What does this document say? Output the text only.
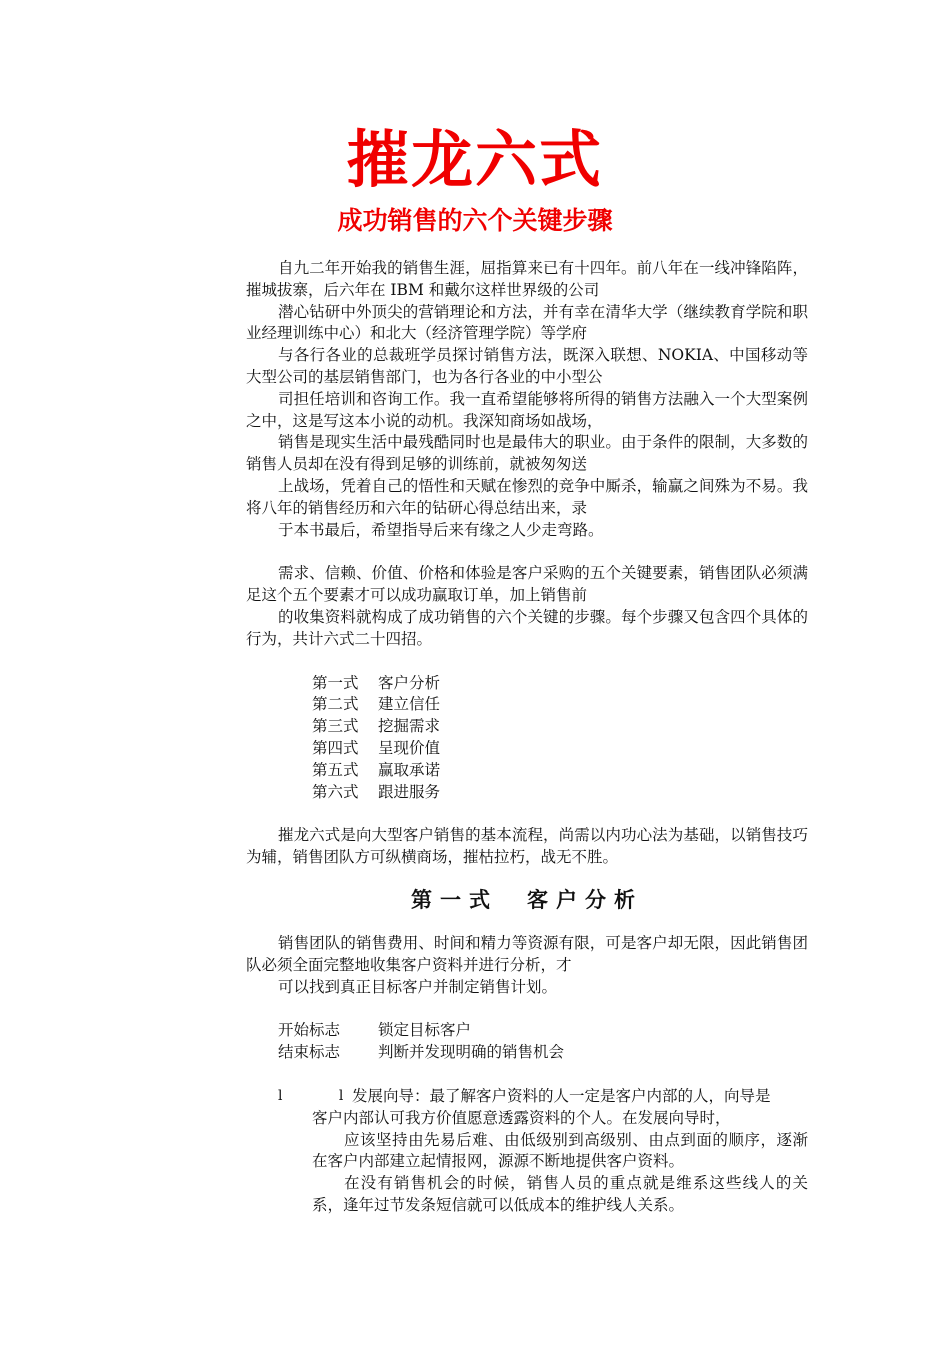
摧龙六式
成功销售的六个关键步骤

自九二年开始我的销售生涯，屈指算来已有十四年。前八年在一线冲锋陷阵，摧城拔寨，后六年在 IBM 和戴尔这样世界级的公司

潜心钻研中外顶尖的营销理论和方法，并有幸在清华大学（继续教育学院和职业经理训练中心）和北大（经济管理学院）等学府

与各行各业的总裁班学员探讨销售方法，既深入联想、NOKIA、中国移动等大型公司的基层销售部门，也为各行各业的中小型公

司担任培训和咨询工作。我一直希望能够将所得的销售方法融入一个大型案例之中，这是写这本小说的动机。我深知商场如战场，

销售是现实生活中最残酷同时也是最伟大的职业。由于条件的限制，大多数的销售人员却在没有得到足够的训练前，就被匆匆送

上战场，凭着自己的悟性和天赋在惨烈的竞争中厮杀，输赢之间殊为不易。我将八年的销售经历和六年的钻研心得总结出来，录

于本书最后，希望指导后来有缘之人少走弯路。

需求、信赖、价值、价格和体验是客户采购的五个关键要素，销售团队必须满足这个五个要素才可以成功赢取订单，加上销售前

的收集资料就构成了成功销售的六个关键的步骤。每个步骤又包含四个具体的行为，共计六式二十四招。

第一式 客户分析
第二式 建立信任
第三式 挖掘需求
第四式 呈现价值
第五式 赢取承诺
第六式 跟进服务

摧龙六式是向大型客户销售的基本流程，尚需以内功心法为基础，以销售技巧为辅，销售团队方可纵横商场，摧枯拉朽，战无不胜。

第一式　客户分析

销售团队的销售费用、时间和精力等资源有限，可是客户却无限，因此销售团队必须全面完整地收集客户资料并进行分析，才

可以找到真正目标客户并制定销售计划。

开始标志 锁定目标客户
结束标志 判断并发现明确的销售机会
l l

发展向导：最了解客户资料的人一定是客户内部的人，向导是

客户内部认可我方价值愿意透露资料的个人。在发展向导时，

应该坚持由先易后难、由低级别到高级别、由点到面的顺序，逐渐在客户内部建立起情报网，源源不断地提供客户资料。

在没有销售机会的时候，销售人员的重点就是维系这些线人的关系，逢年过节发条短信就可以低成本的维护线人关系。
